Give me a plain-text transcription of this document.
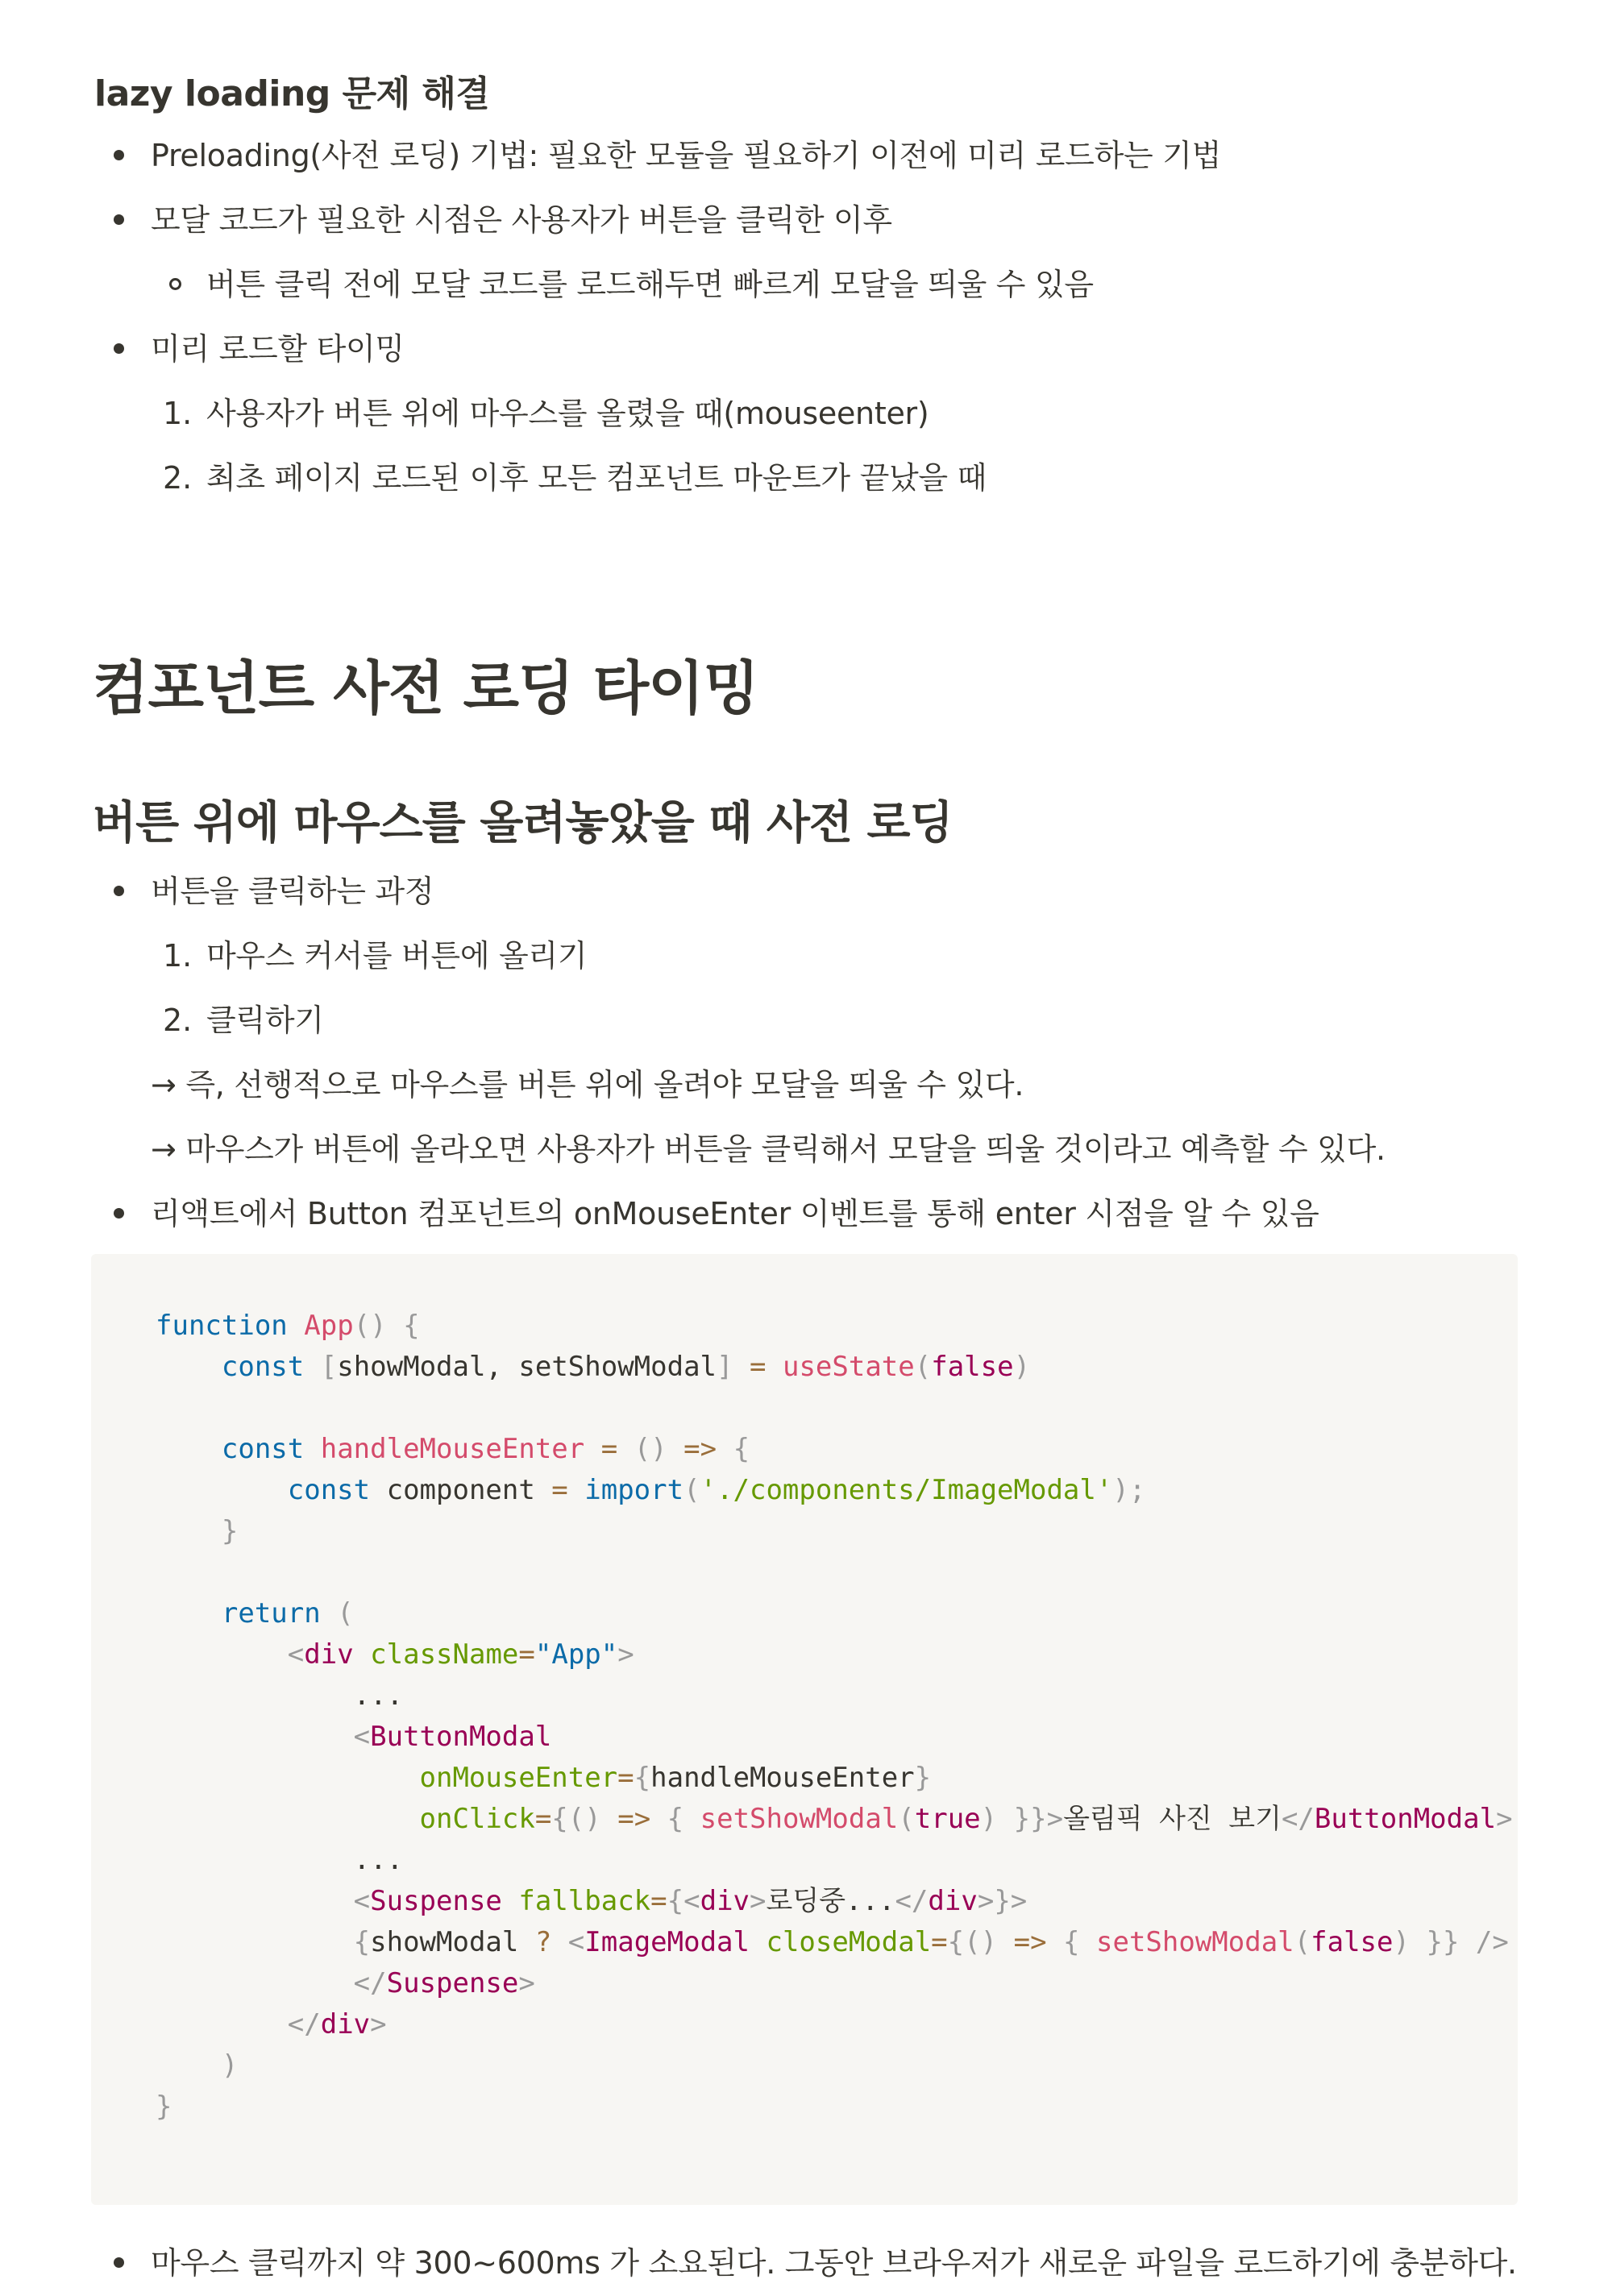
lazy loading 문제 해결
Preloading(사전 로딩) 기법: 필요한 모듈을 필요하기 이전에 미리 로드하는 기법
모달 코드가 필요한 시점은 사용자가 버튼을 클릭한 이후
버튼 클릭 전에 모달 코드를 로드해두면 빠르게 모달을 띄울 수 있음
미리 로드할 타이밍
1. 사용자가 버튼 위에 마우스를 올렸을 때(mouseenter)
2. 최초 페이지 로드된 이후 모든 컴포넌트 마운트가 끝났을 때
컴포넌트 사전 로딩 타이밍
버튼 위에 마우스를 올려놓았을 때 사전 로딩
버튼을 클릭하는 과정
1. 마우스 커서를 버튼에 올리기
2. 클릭하기
→ 즉, 선행적으로 마우스를 버튼 위에 올려야 모달을 띄울 수 있다.
→ 마우스가 버튼에 올라오면 사용자가 버튼을 클릭해서 모달을 띄울 것이라고 예측할 수 있다.
리액트에서 Button 컴포넌트의 onMouseEnter 이벤트를 통해 enter 시점을 알 수 있음
function App() {
const [showModal, setShowModal] = useState(false)
const handleMouseEnter = () => {
const component = import('./components/ImageModal');
}
return (
<div className="App">
...
<ButtonModal
onMouseEnter={handleMouseEnter}
onClick={() => { setShowModal(true) }}>올림픽 사진 보기</ButtonModal>
...
<Suspense fallback={<div>로딩중...</div>}>
{showModal ? <ImageModal closeModal={() => { setShowModal(false) }} />
</Suspense>
</div>
)
}
마우스 클릭까지 약 300~600ms 가 소요된다. 그동안 브라우저가 새로운 파일을 로드하기에 충분하다.
